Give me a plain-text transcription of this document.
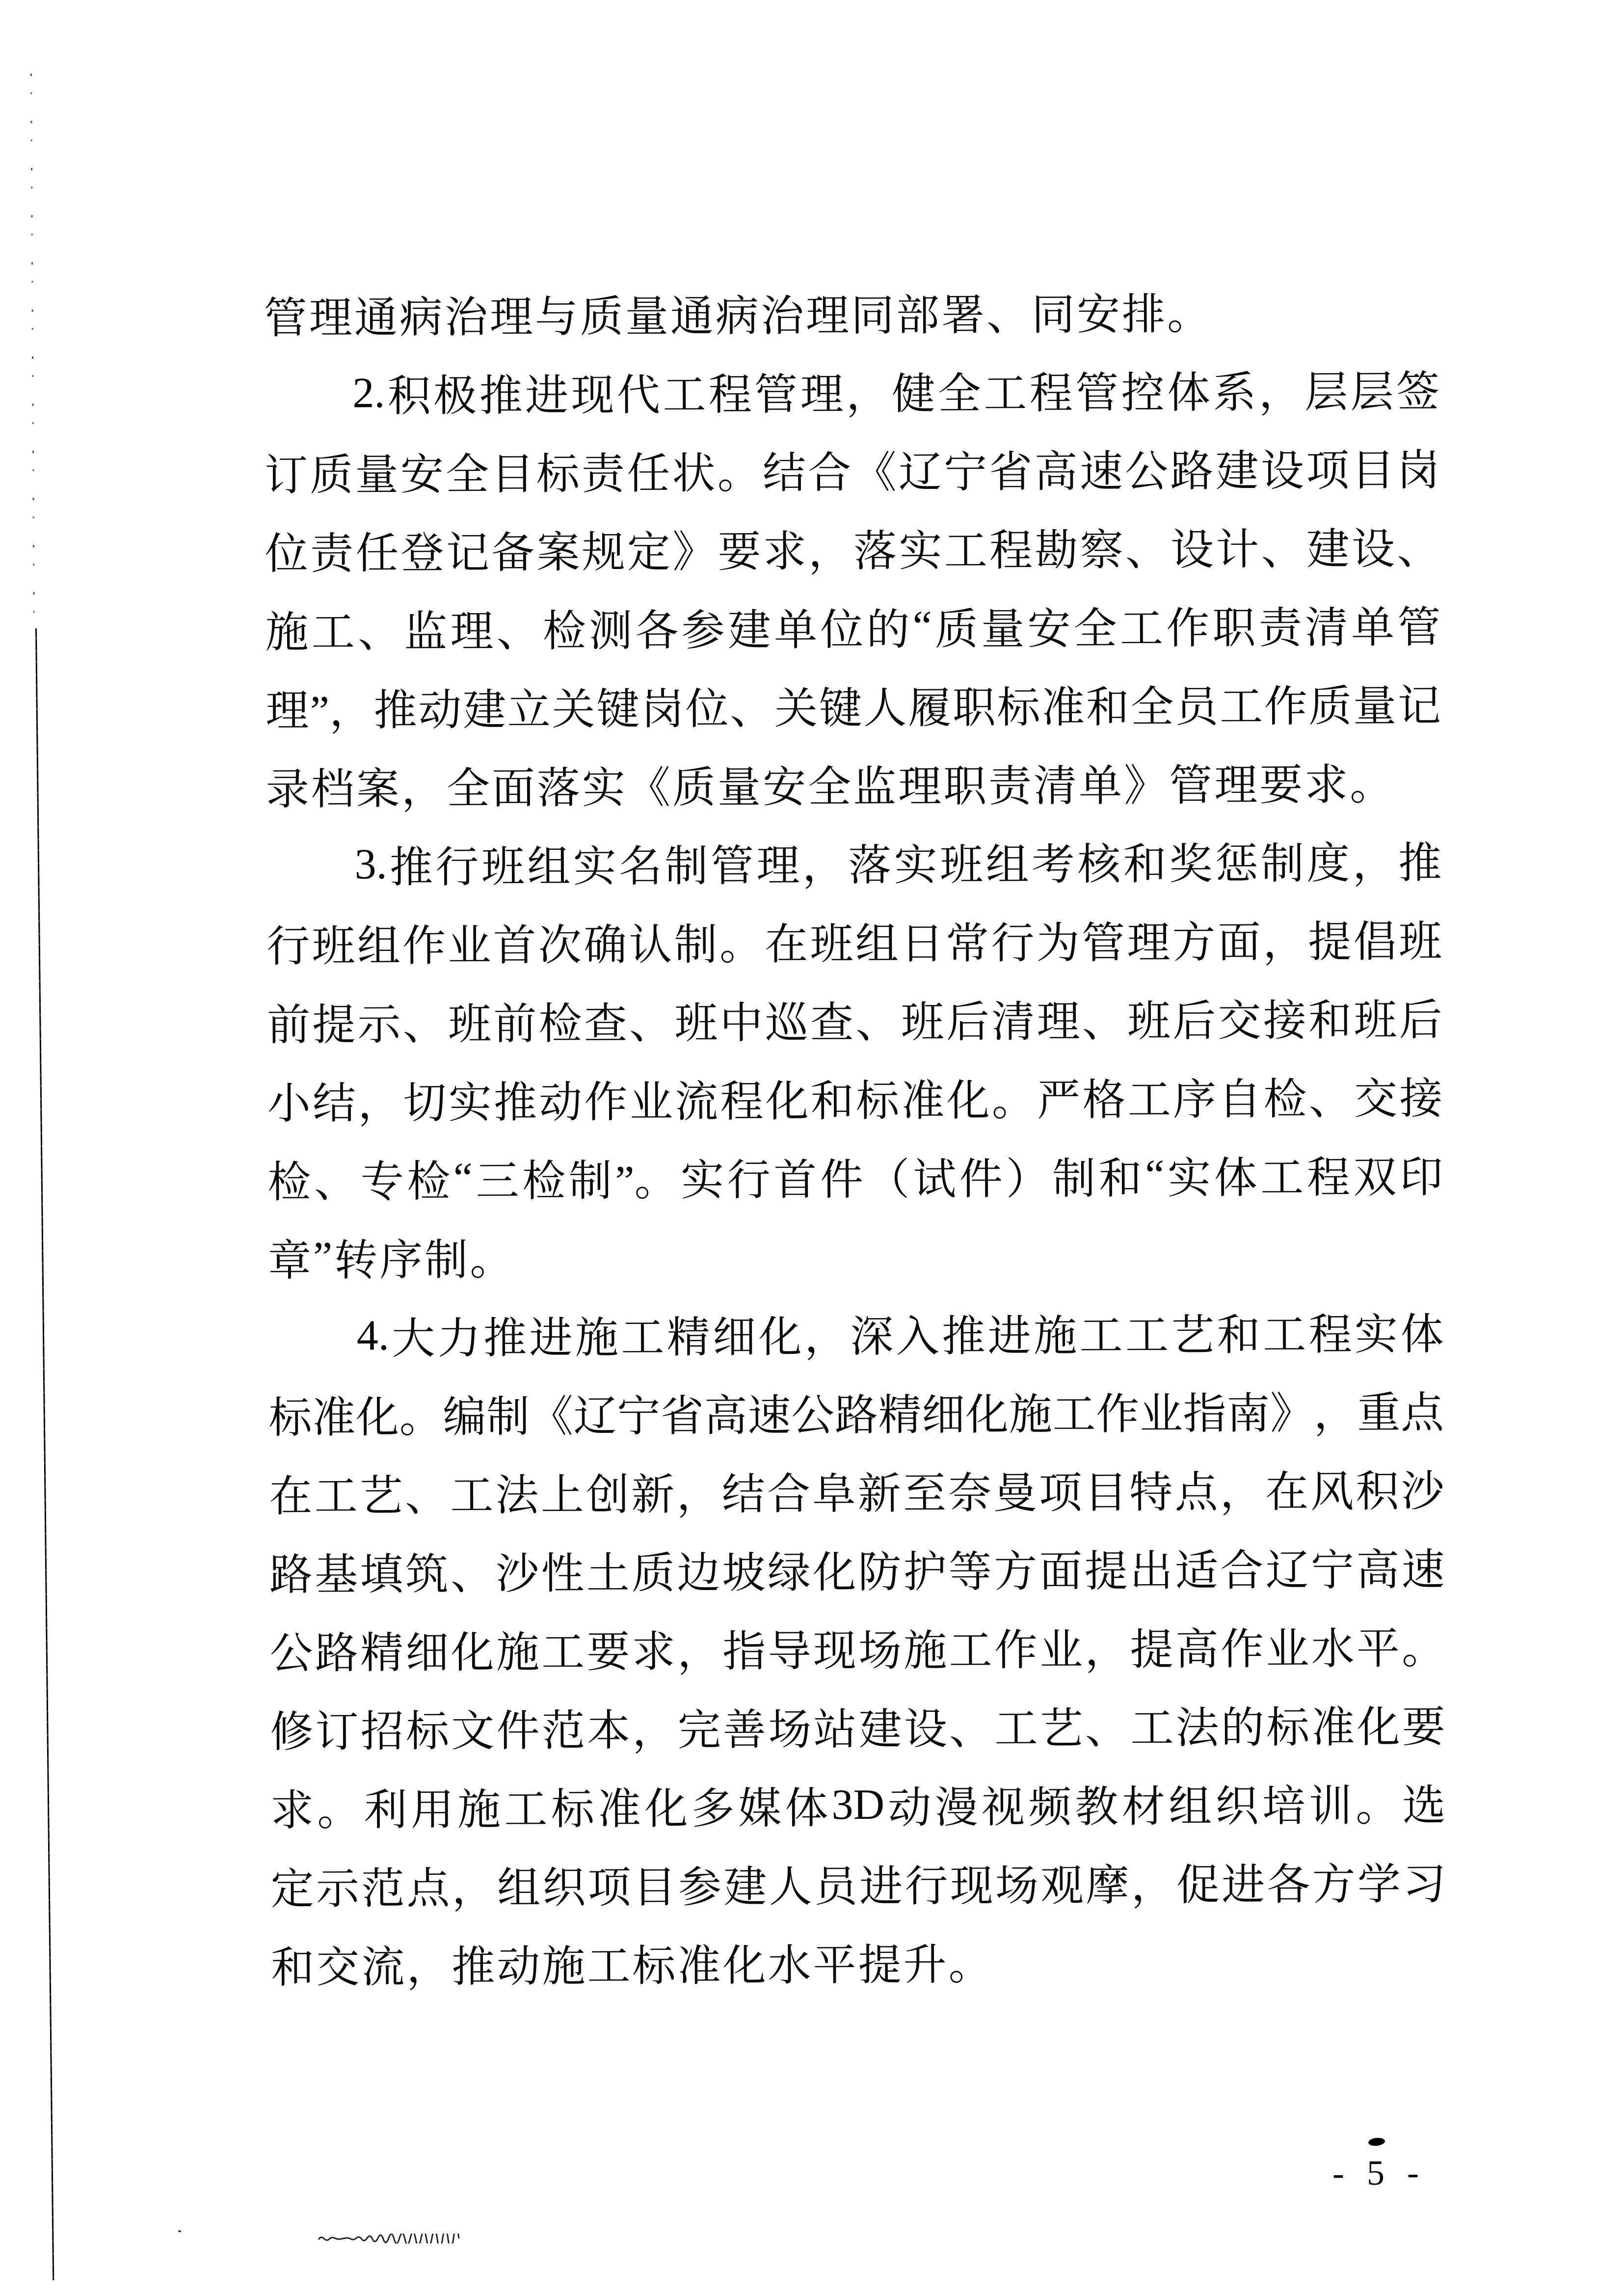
管 理 通 病 治 理 与 质 量 通 病 治 理 同 部 署 、 同 安 排 。
2. 积 极 推 进 现 代 工 程 管 理 ， 健 全 工 程 管 控 体 系 ， 层 层 签
订 质 量 安 全 目 标 责 任 状 。 结 合 《 辽 宁 省 高 速 公 路 建 设 项 目 岗
位 责 任 登 记 备 案 规 定 》 要 求 ， 落 实 工 程 勘 察 、 设 计 、 建 设 、
施 工 、 监 理 、 检 测 各 参 建 单 位 的 “ 质 量 安 全 工 作 职 责 清 单 管
理 ”， 推 动 建 立 关 键 岗 位 、 关 键 人 履 职 标 准 和 全 员 工 作 质 量 记
录 档 案 ， 全 面 落 实 《 质 量 安 全 监 理 职 责 清 单 》 管 理 要 求 。
3. 推 行 班 组 实 名 制 管 理 ， 落 实 班 组 考 核 和 奖 惩 制 度 ， 推
行 班 组 作 业 首 次 确 认 制 。 在 班 组 日 常 行 为 管 理 方 面 ， 提 倡 班
前 提 示 、 班 前 检 查 、 班 中 巡 查 、 班 后 清 理 、 班 后 交 接 和 班 后
小 结 ， 切 实 推 动 作 业 流 程 化 和 标 准 化 。 严 格 工 序 自 检 、 交 接
检 、 专 检 “ 三 检 制 ”。 实 行 首 件 （ 试 件 ） 制 和 “ 实 体 工 程 双 印
章 ” 转 序 制 。
4. 大 力 推 进 施 工 精 细 化 ， 深 入 推 进 施 工 工 艺 和 工 程 实 体
标 准 化 。 编 制 《 辽 宁 省 高 速 公 路 精 细 化 施 工 作 业 指 南 》 ， 重 点
在 工 艺 、 工 法 上 创 新 ， 结 合 阜 新 至 奈 曼 项 目 特 点 ， 在 风 积 沙
路 基 填 筑 、 沙 性 土 质 边 坡 绿 化 防 护 等 方 面 提 出 适 合 辽 宁 高 速
公 路 精 细 化 施 工 要 求 ， 指 导 现 场 施 工 作 业 ， 提 高 作 业 水 平 。
修 订 招 标 文 件 范 本 ， 完 善 场 站 建 设 、 工 艺 、 工 法 的 标 准 化 要
求 。 利 用 施 工 标 准 化 多 媒 体 3D 动 漫 视 频 教 材 组 织 培 训 。 选
定 示 范 点 ， 组 织 项 目 参 建 人 员 进 行 现 场 观 摩 ， 促 进 各 方 学 习
和 交 流 ， 推 动 施 工 标 准 化 水 平 提 升 。
- 5 -
